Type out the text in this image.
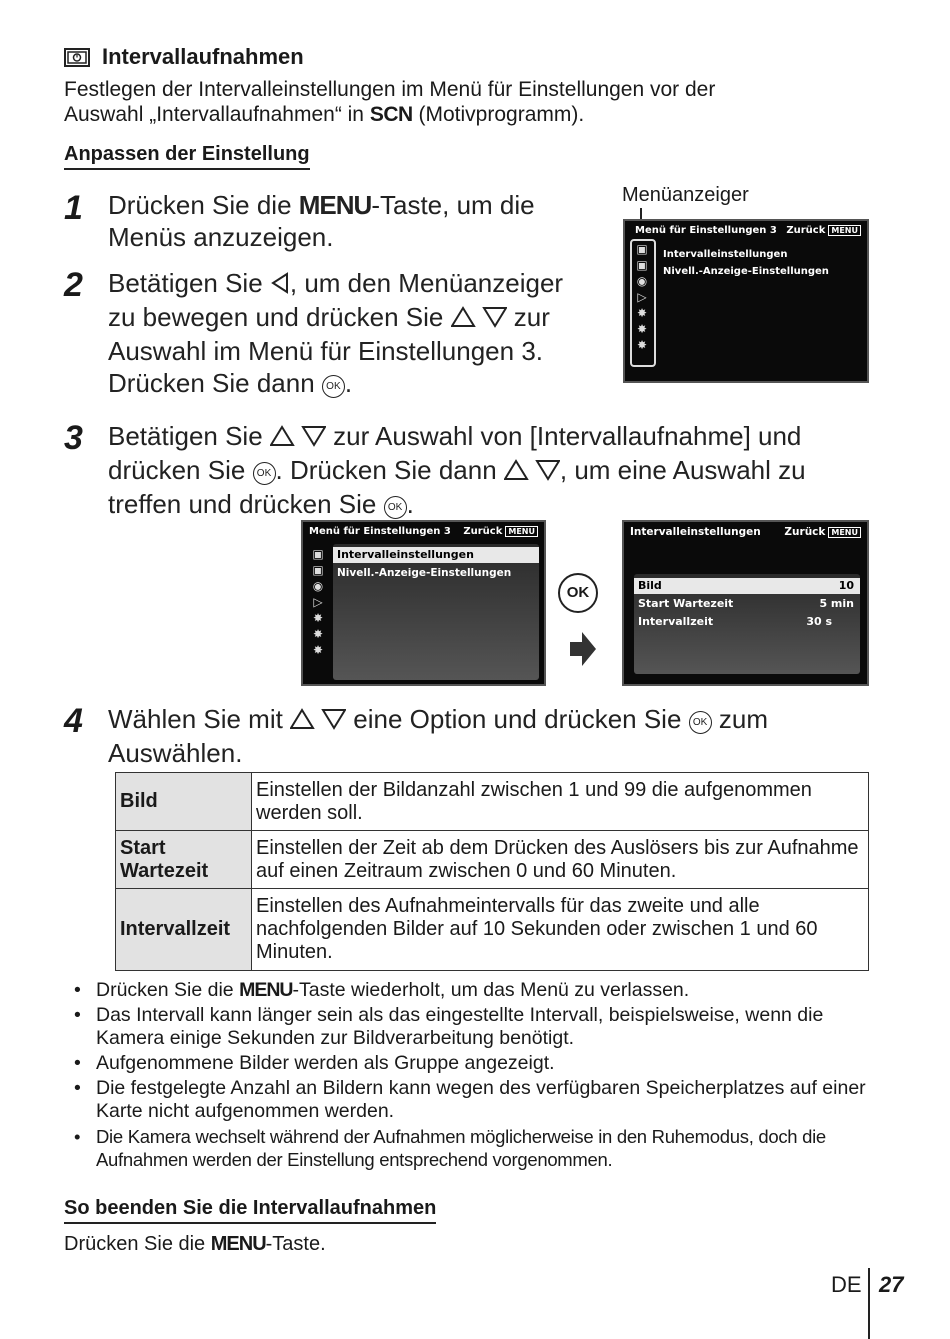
Intervallaufnahmen
Festlegen der Intervalleinstellungen im Menü für Einstellungen vor der
Auswahl „Intervallaufnahmen“ in SCN (Motivprogramm).
Anpassen der Einstellung
1 Drücken Sie die MENU-Taste, um die
Menüs anzuzeigen.
2 Betätigen Sie , um den Menüanzeiger
zu bewegen und drücken Sie  zur
Auswahl im Menü für Einstellungen 3.
Drücken Sie dann OK .
Menüanzeiger
Menü für Einstellungen 3 Zurück MENU
▣
▣
◉
▷
✸
✸
✸
Intervalleinstellungen
Nivell.-Anzeige-Einstellungen
3 Betätigen Sie  zur Auswahl von [Intervallaufnahme] und
drücken Sie OK . Drücken Sie dann , um eine Auswahl zu
treffen und drücken Sie OK .
Menü für Einstellungen 3 Zurück MENU
▣
▣
◉
▷
✸
✸
✸
Intervalleinstellungen
Nivell.-Anzeige-Einstellungen
OK
Intervalleinstellungen Zurück MENU
Bild	10
Start Wartezeit	5 min
Intervallzeit	30 s
4 Wählen Sie mit  eine Option und drücken Sie OK zum
Auswählen.
Bild	Einstellen der Bildanzahl zwischen 1 und 99 die aufgenommen werden soll.
Start Wartezeit	Einstellen der Zeit ab dem Drücken des Auslösers bis zur Aufnahme auf einen Zeitraum zwischen 0 und 60 Minuten.
Intervallzeit	Einstellen des Aufnahmeintervalls für das zweite und alle nachfolgenden Bilder auf 10 Sekunden oder zwischen 1 und 60 Minuten.
• Drücken Sie die MENU-Taste wiederholt, um das Menü zu verlassen.
• Das Intervall kann länger sein als das eingestellte Intervall, beispielsweise, wenn die Kamera einige Sekunden zur Bildverarbeitung benötigt.
• Aufgenommene Bilder werden als Gruppe angezeigt.
• Die festgelegte Anzahl an Bildern kann wegen des verfügbaren Speicherplatzes auf einer Karte nicht aufgenommen werden.
• Die Kamera wechselt während der Aufnahmen möglicherweise in den Ruhemodus, doch die Aufnahmen werden der Einstellung entsprechend vorgenommen.
So beenden Sie die Intervallaufnahmen
Drücken Sie die MENU-Taste.
DE 27
